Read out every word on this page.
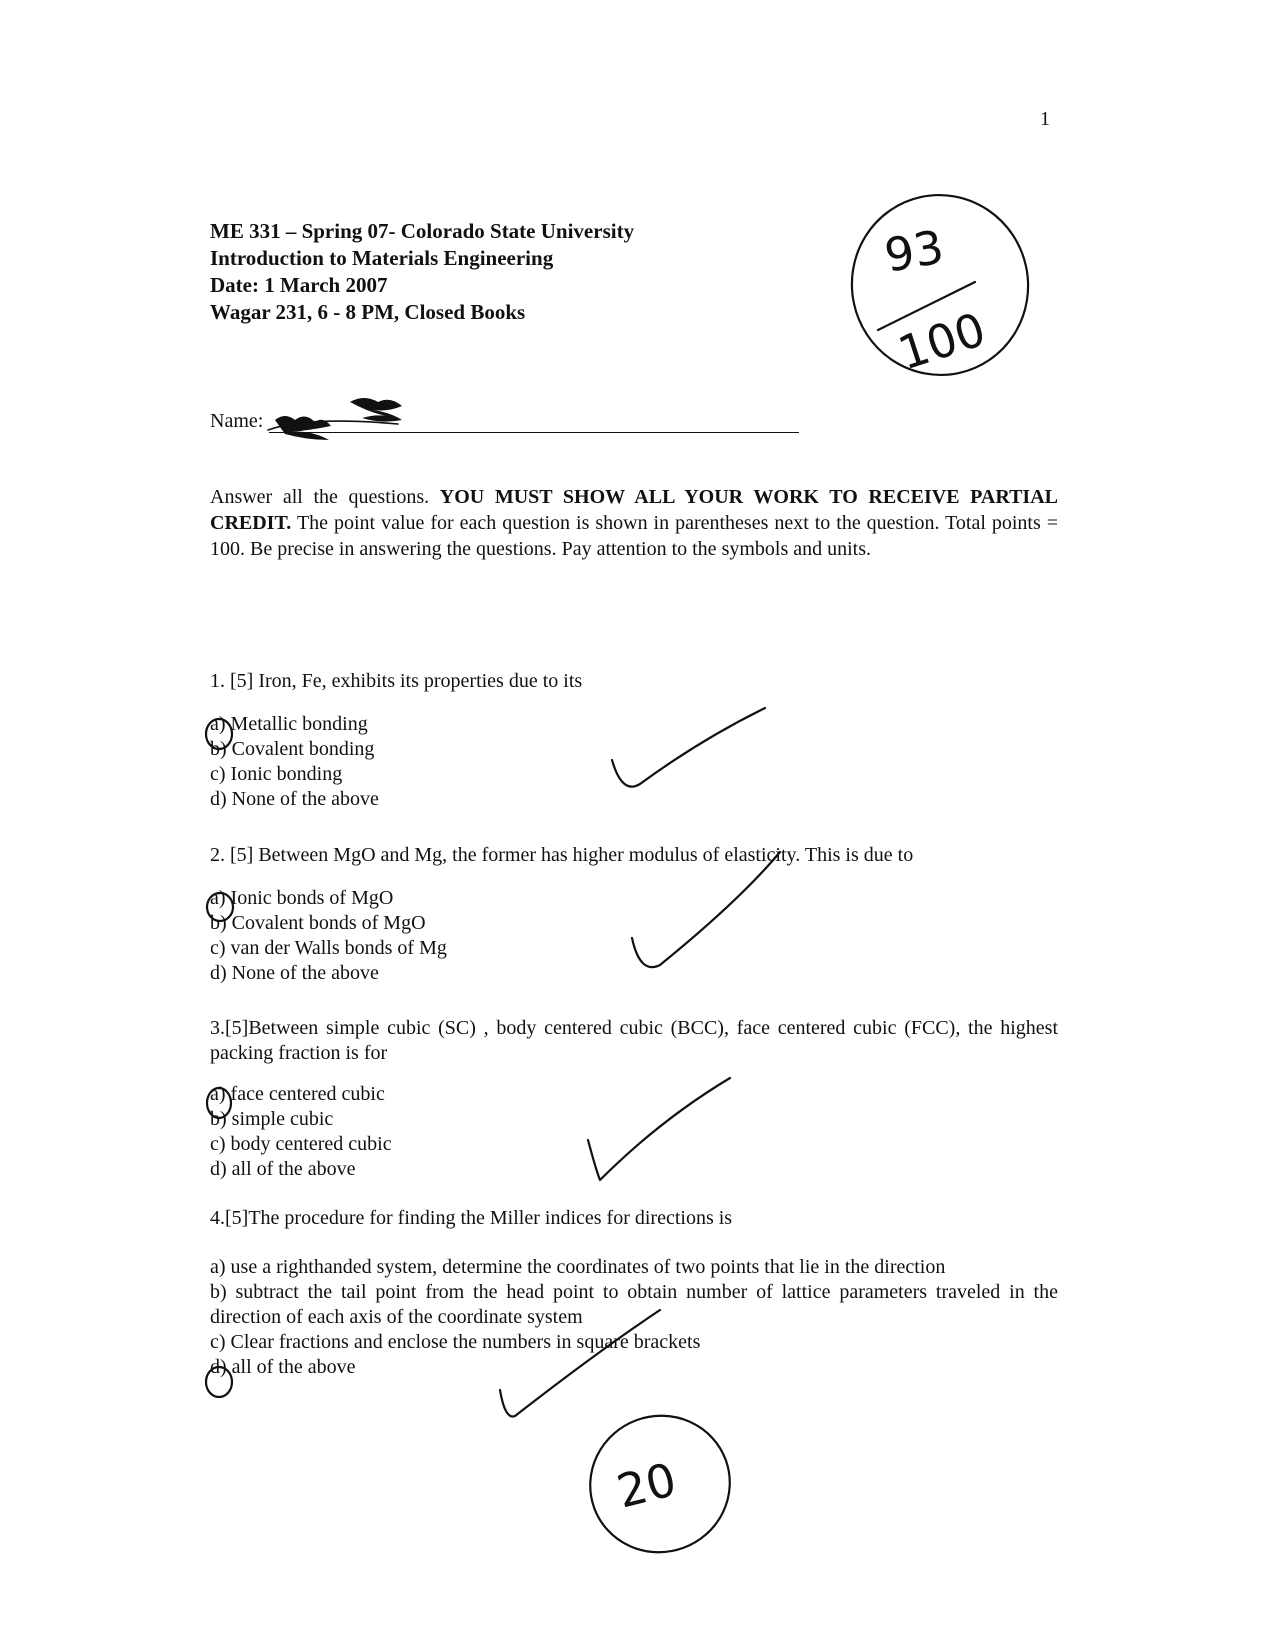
1
ME 331 – Spring 07- Colorado State University
Introduction to Materials Engineering
Date: 1 March 2007
Wagar 231, 6 - 8 PM, Closed Books
Name:
Answer all the questions. YOU MUST SHOW ALL YOUR WORK TO RECEIVE PARTIAL CREDIT. The point value for each question is shown in parentheses next to the question. Total points = 100. Be precise in answering the questions. Pay attention to the symbols and units.
1. [5] Iron, Fe, exhibits its properties due to its
a) Metallic bonding
b) Covalent bonding
c) Ionic bonding
d) None of the above
2. [5] Between MgO and Mg, the former has higher modulus of elasticity. This is due to
a) Ionic bonds of MgO
b) Covalent bonds of MgO
c) van der Walls bonds of Mg
d) None of the above
3.[5]Between simple cubic (SC) , body centered cubic (BCC), face centered cubic (FCC), the highest packing fraction is for
a) face centered cubic
b) simple cubic
c) body centered cubic
d) all of the above
4.[5]The procedure for finding the Miller indices for directions is
a) use a righthanded system, determine the coordinates of two points that lie in the direction
b) subtract the tail point from the head point to obtain number of lattice parameters traveled in the direction of each axis of the coordinate system
c) Clear fractions and enclose the numbers in square brackets
d) all of the above
93
100
20
